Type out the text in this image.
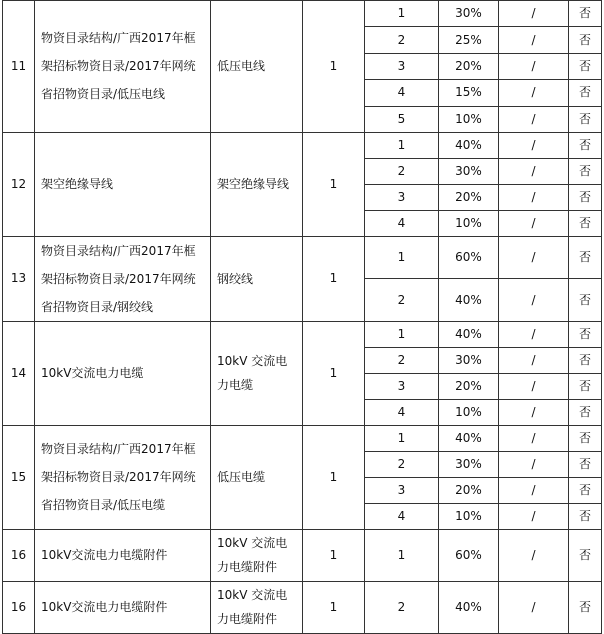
11	物资目录结构/广西2017年框架招标物资目录/2017年网统省招物资目录/低压电线	低压电线	1	1	30%	/	否
				2	25%	/	否
				3	20%	/	否
				4	15%	/	否
				5	10%	/	否
12	架空绝缘导线	架空绝缘导线	1	1	40%	/	否
				2	30%	/	否
				3	20%	/	否
				4	10%	/	否
13	物资目录结构/广西2017年框架招标物资目录/2017年网统省招物资目录/钢绞线	钢绞线	1	1	60%	/	否
				2	40%	/	否
14	10kV交流电力电缆	10kV 交流电力电缆	1	1	40%	/	否
				2	30%	/	否
				3	20%	/	否
				4	10%	/	否
15	物资目录结构/广西2017年框架招标物资目录/2017年网统省招物资目录/低压电缆	低压电缆	1	1	40%	/	否
				2	30%	/	否
				3	20%	/	否
				4	10%	/	否
16	10kV交流电力电缆附件	10kV 交流电力电缆附件	1	1	60%	/	否
16	10kV交流电力电缆附件	10kV 交流电力电缆附件	1	2	40%	/	否
